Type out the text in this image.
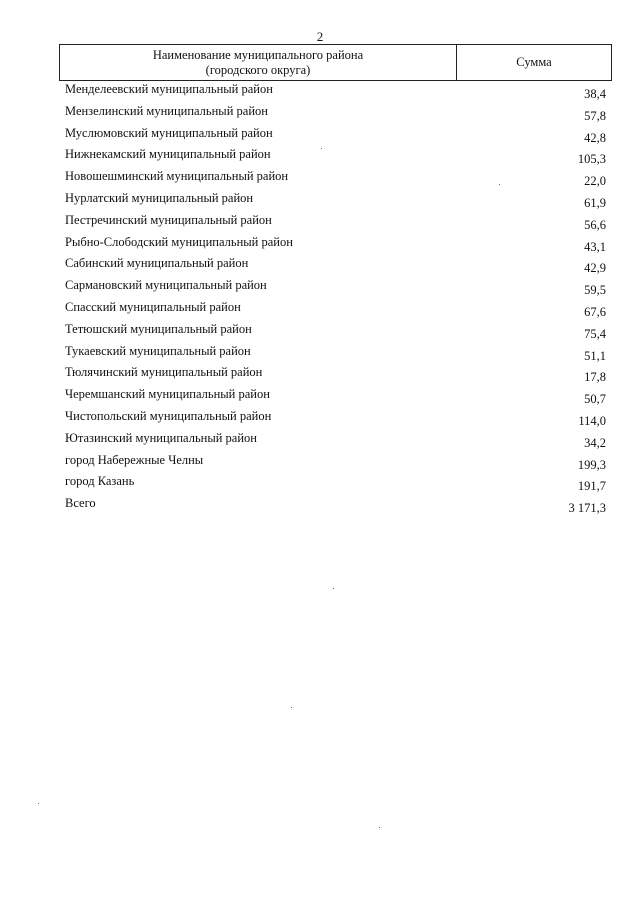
2
Наименование муниципального района
(городского округа)
Сумма
Менделеевский муниципальный район	38,4
Мензелинский муниципальный район	57,8
Муслюмовский муниципальный район	42,8
Нижнекамский муниципальный район	105,3
Новошешминский муниципальный район	22,0
Нурлатский муниципальный район	61,9
Пестречинский муниципальный район	56,6
Рыбно-Слободский муниципальный район	43,1
Сабинский муниципальный район	42,9
Сармановский муниципальный район	59,5
Спасский муниципальный район	67,6
Тетюшский муниципальный район	75,4
Тукаевский муниципальный район	51,1
Тюлячинский муниципальный район	17,8
Черемшанский муниципальный район	50,7
Чистопольский муниципальный район	114,0
Ютазинский муниципальный район	34,2
город Набережные Челны	199,3
город Казань	191,7
Всего	3 171,3
